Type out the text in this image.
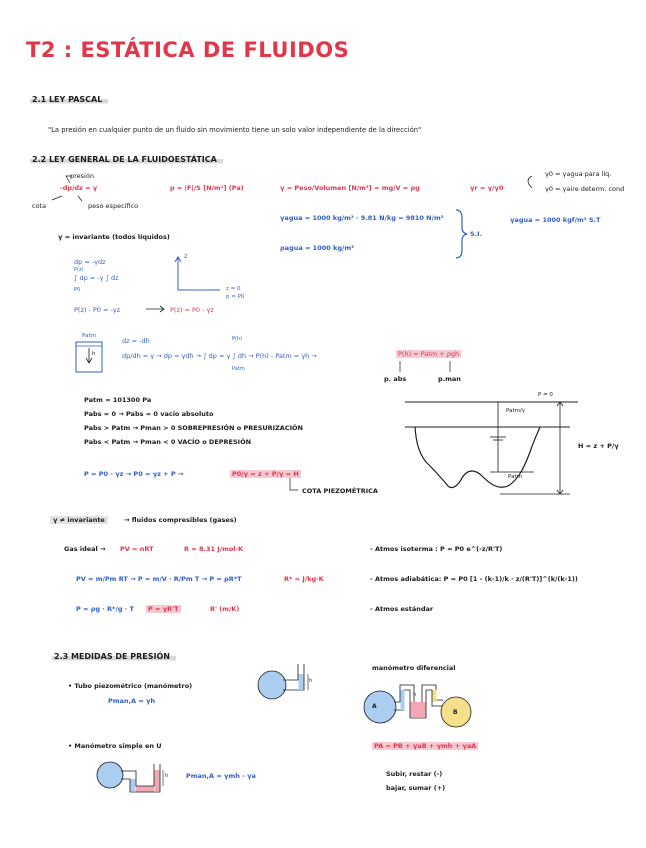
T2 : ESTÁTICA DE FLUIDOS
2.1 LEY PASCAL
"La presión en cualquier punto de un fluido sin movimiento tiene un solo valor independiente de la dirección"
2.2 LEY GENERAL DE LA FLUIDOESTÁTICA
presión
-dp/dz = γ
cota	peso específico
p = |F|/S [N/m²] (Pa)	γ = Peso/Volumen [N/m³] = mg/V = ρg	γr = γ/γ0
γ0 = γagua para líq.
γ0 = γaire determ. cond
γagua = 1000 kg/m³ · 9.81 N/kg = 9810 N/m³
ρagua = 1000 kg/m³
S.I.
γagua = 1000 kgf/m³ S.T
γ = invariante (todos líquidos)
dp = -γdz
∫ dp = -γ ∫ dz
P(z)
P0
P(z) - P0 = -γz	P(z) = P0 - γz
z
z = 0
p = P0
Patm
h
dz = -dh
dp/dh = γ → dp = γdh → ∫ dp = γ ∫ dh → P(h) - Patm = γh →
P(h)
Patm
P(h) = Patm + ρgh
p. abs	p.man
Patm = 101300 Pa
Pabs = 0 → Pabs = 0 vacío absoluto
Pabs > Patm → Pman > 0 SOBREPRESIÓN o PRESURIZACIÓN
Pabs < Patm → Pman < 0 VACÍO o DEPRESIÓN
P = P0 - γz → P0 = γz + P →	P0/γ = z + P/γ = H
COTA PIEZOMÉTRICA
P = 0
Patm/γ
Patm
H = z + P/γ
γ ≠ invariante	→ fluidos compresibles (gases)
Gas ideal → PV = nRT	R = 8.31 J/mol·K
PV = m/Pm RT → P = m/V · R/Pm T → P = ρR*T	R* = J/kg·K
P = ρg · R*/g · T	P = γR'T	R' (m/K)
- Atmos isoterma : P = P0 e^(-z/R'T)
- Atmos adiabática: P = P0 [1 - (k-1)/k · z/(R'T)]^(k/(k-1))
- Atmos estándar
2.3 MEDIDAS DE PRESIÓN
• Tubo piezométrico (manómetro)
Pman,A = γh
h
manómetro diferencial
A
B
h
• Manómetro simple en U
h	Pman,A = γmh - γa
PA = PB + γaB + γmh + γaA
Subir, restar (-)
bajar, sumar (+)
